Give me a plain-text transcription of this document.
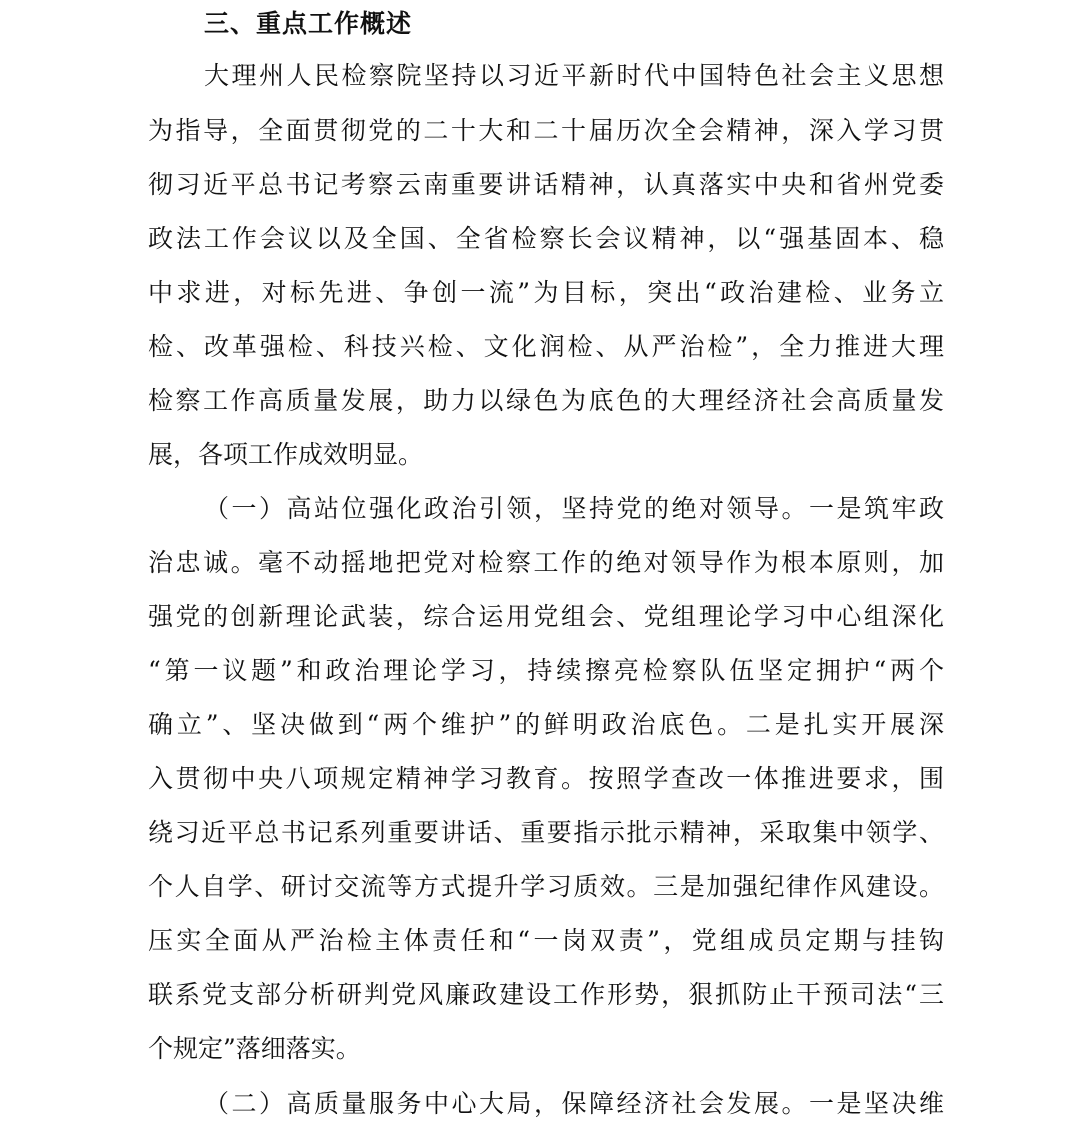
三、重点工作概述
大理州人民检察院坚持以习近平新时代中国特色社会主义思想
为指导，全面贯彻党的二十大和二十届历次全会精神，深入学习贯
彻习近平总书记考察云南重要讲话精神，认真落实中央和省州党委
政法工作会议以及全国、全省检察长会议精神，以“强基固本、稳
中求进，对标先进、争创一流”为目标，突出“政治建检、业务立
检、改革强检、科技兴检、文化润检、从严治检”，全力推进大理
检察工作高质量发展，助力以绿色为底色的大理经济社会高质量发
展，各项工作成效明显。
（一）高站位强化政治引领，坚持党的绝对领导。一是筑牢政
治忠诚。毫不动摇地把党对检察工作的绝对领导作为根本原则，加
强党的创新理论武装，综合运用党组会、党组理论学习中心组深化
“第一议题”和政治理论学习，持续擦亮检察队伍坚定拥护“两个
确立”、坚决做到“两个维护”的鲜明政治底色。二是扎实开展深
入贯彻中央八项规定精神学习教育。按照学查改一体推进要求，围
绕习近平总书记系列重要讲话、重要指示批示精神，采取集中领学、
个人自学、研讨交流等方式提升学习质效。三是加强纪律作风建设。
压实全面从严治检主体责任和“一岗双责”，党组成员定期与挂钩
联系党支部分析研判党风廉政建设工作形势，狠抓防止干预司法“三
个规定”落细落实。
（二）高质量服务中心大局，保障经济社会发展。一是坚决维
